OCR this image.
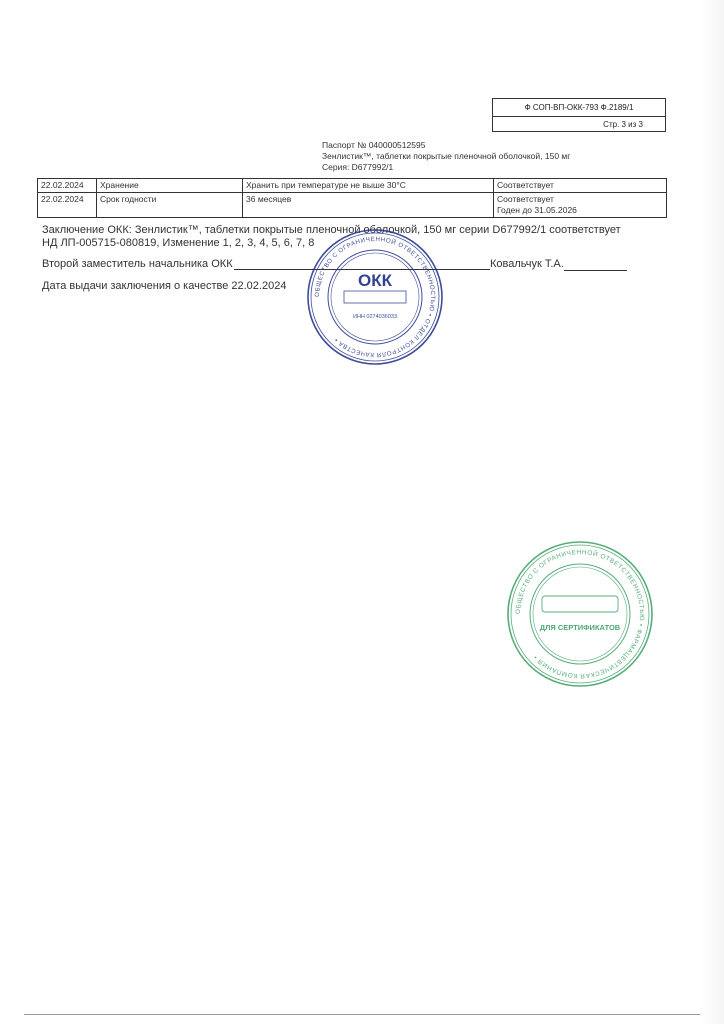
Ф СОП-ВП-ОКК-793 Ф.2189/1
Стр. 3 из 3
Паспорт № 040000512595
Зенлистик™, таблетки покрытые пленочной оболочкой, 150 мг
Серия: D677992/1
22.02.2024	Хранение	Хранить при температуре не выше 30°С	Соответствует

22.02.2024	Срок годности	36 месяцев	Соответствует
Годен до 31.05.2026
Заключение ОКК: Зенлистик™, таблетки покрытые пленочной оболочкой, 150 мг серии D677992/1 соответствует
НД ЛП-005715-080819, Изменение 1, 2, 3, 4, 5, 6, 7, 8
Второй заместитель начальника ОКК	Ковальчук Т.А.
Дата выдачи заключения о качестве 22.02.2024
ОБЩЕСТВО С ОГРАНИЧЕННОЙ ОТВЕТСТВЕННОСТЬЮ • ОТДЕЛ КОНТРОЛЯ КАЧЕСТВА •
ОКК
ИНН 0274036033
ОБЩЕСТВО С ОГРАНИЧЕННОЙ ОТВЕТСТВЕННОСТЬЮ • ФАРМАЦЕВТИЧЕСКАЯ КОМПАНИЯ •
ДЛЯ СЕРТИФИКАТОВ
